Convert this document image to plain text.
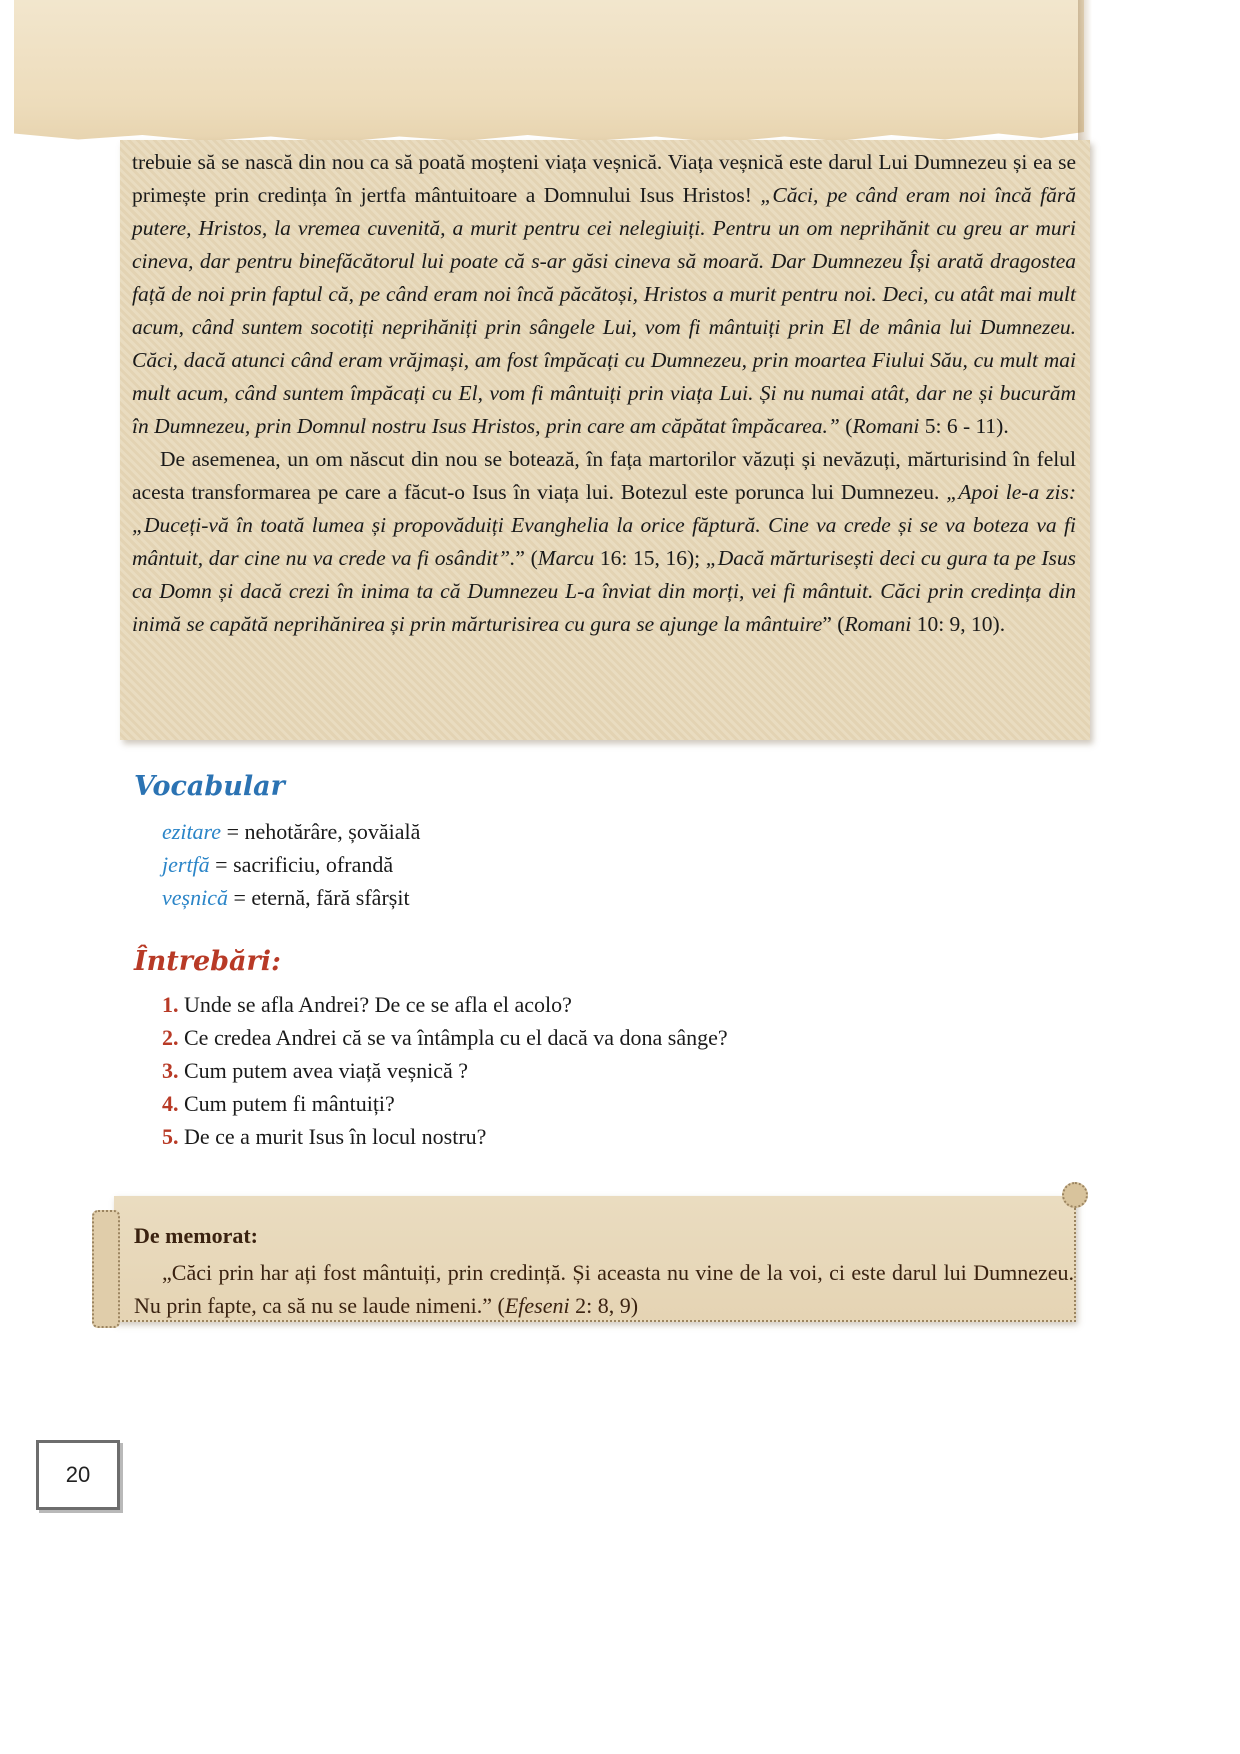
trebuie să se nască din nou ca să poată moșteni viața veșnică. Viața veșnică este darul Lui Dumnezeu și ea se primește prin credința în jertfa mântuitoare a Domnului Isus Hristos! „Căci, pe când eram noi încă fără putere, Hristos, la vremea cuvenită, a murit pentru cei nelegiuiți. Pentru un om neprihănit cu greu ar muri cineva, dar pentru binefăcătorul lui poate că s-ar găsi cineva să moară. Dar Dumnezeu Își arată dragostea față de noi prin faptul că, pe când eram noi încă păcătoși, Hristos a murit pentru noi. Deci, cu atât mai mult acum, când suntem socotiți neprihăniți prin sângele Lui, vom fi mântuiți prin El de mânia lui Dumnezeu. Căci, dacă atunci când eram vrăjmași, am fost împăcați cu Dumnezeu, prin moartea Fiului Său, cu mult mai mult acum, când suntem împăcați cu El, vom fi mântuiți prin viața Lui. Și nu numai atât, dar ne și bucurăm în Dumnezeu, prin Domnul nostru Isus Hristos, prin care am căpătat împăcarea.” (Romani 5: 6 - 11).

De asemenea, un om născut din nou se botează, în fața martorilor văzuți și nevăzuți, mărturisind în felul acesta transformarea pe care a făcut-o Isus în viața lui. Botezul este porunca lui Dumnezeu. „Apoi le-a zis: „Duceți-vă în toată lumea și propovăduiți Evanghelia la orice făptură. Cine va crede și se va boteza va fi mântuit, dar cine nu va crede va fi osândit”.” (Marcu 16: 15, 16); „Dacă mărturisești deci cu gura ta pe Isus ca Domn și dacă crezi în inima ta că Dumnezeu L-a înviat din morți, vei fi mântuit. Căci prin credința din inimă se capătă neprihănirea și prin mărturisirea cu gura se ajunge la mântuire” (Romani 10: 9, 10).

Vocabular
ezitare = nehotărâre, șovăială
jertfă = sacrificiu, ofrandă
veșnică = eternă, fără sfârșit
Întrebări:
1. Unde se afla Andrei? De ce se afla el acolo?
2. Ce credea Andrei că se va întâmpla cu el dacă va dona sânge?
3. Cum putem avea viață veșnică ?
4. Cum putem fi mântuiți?
5. De ce a murit Isus în locul nostru?
De memorat:
„Căci prin har ați fost mântuiți, prin credință. Și aceasta nu vine de la voi, ci este darul lui Dumnezeu. Nu prin fapte, ca să nu se laude nimeni.” (Efeseni 2: 8, 9)
20
